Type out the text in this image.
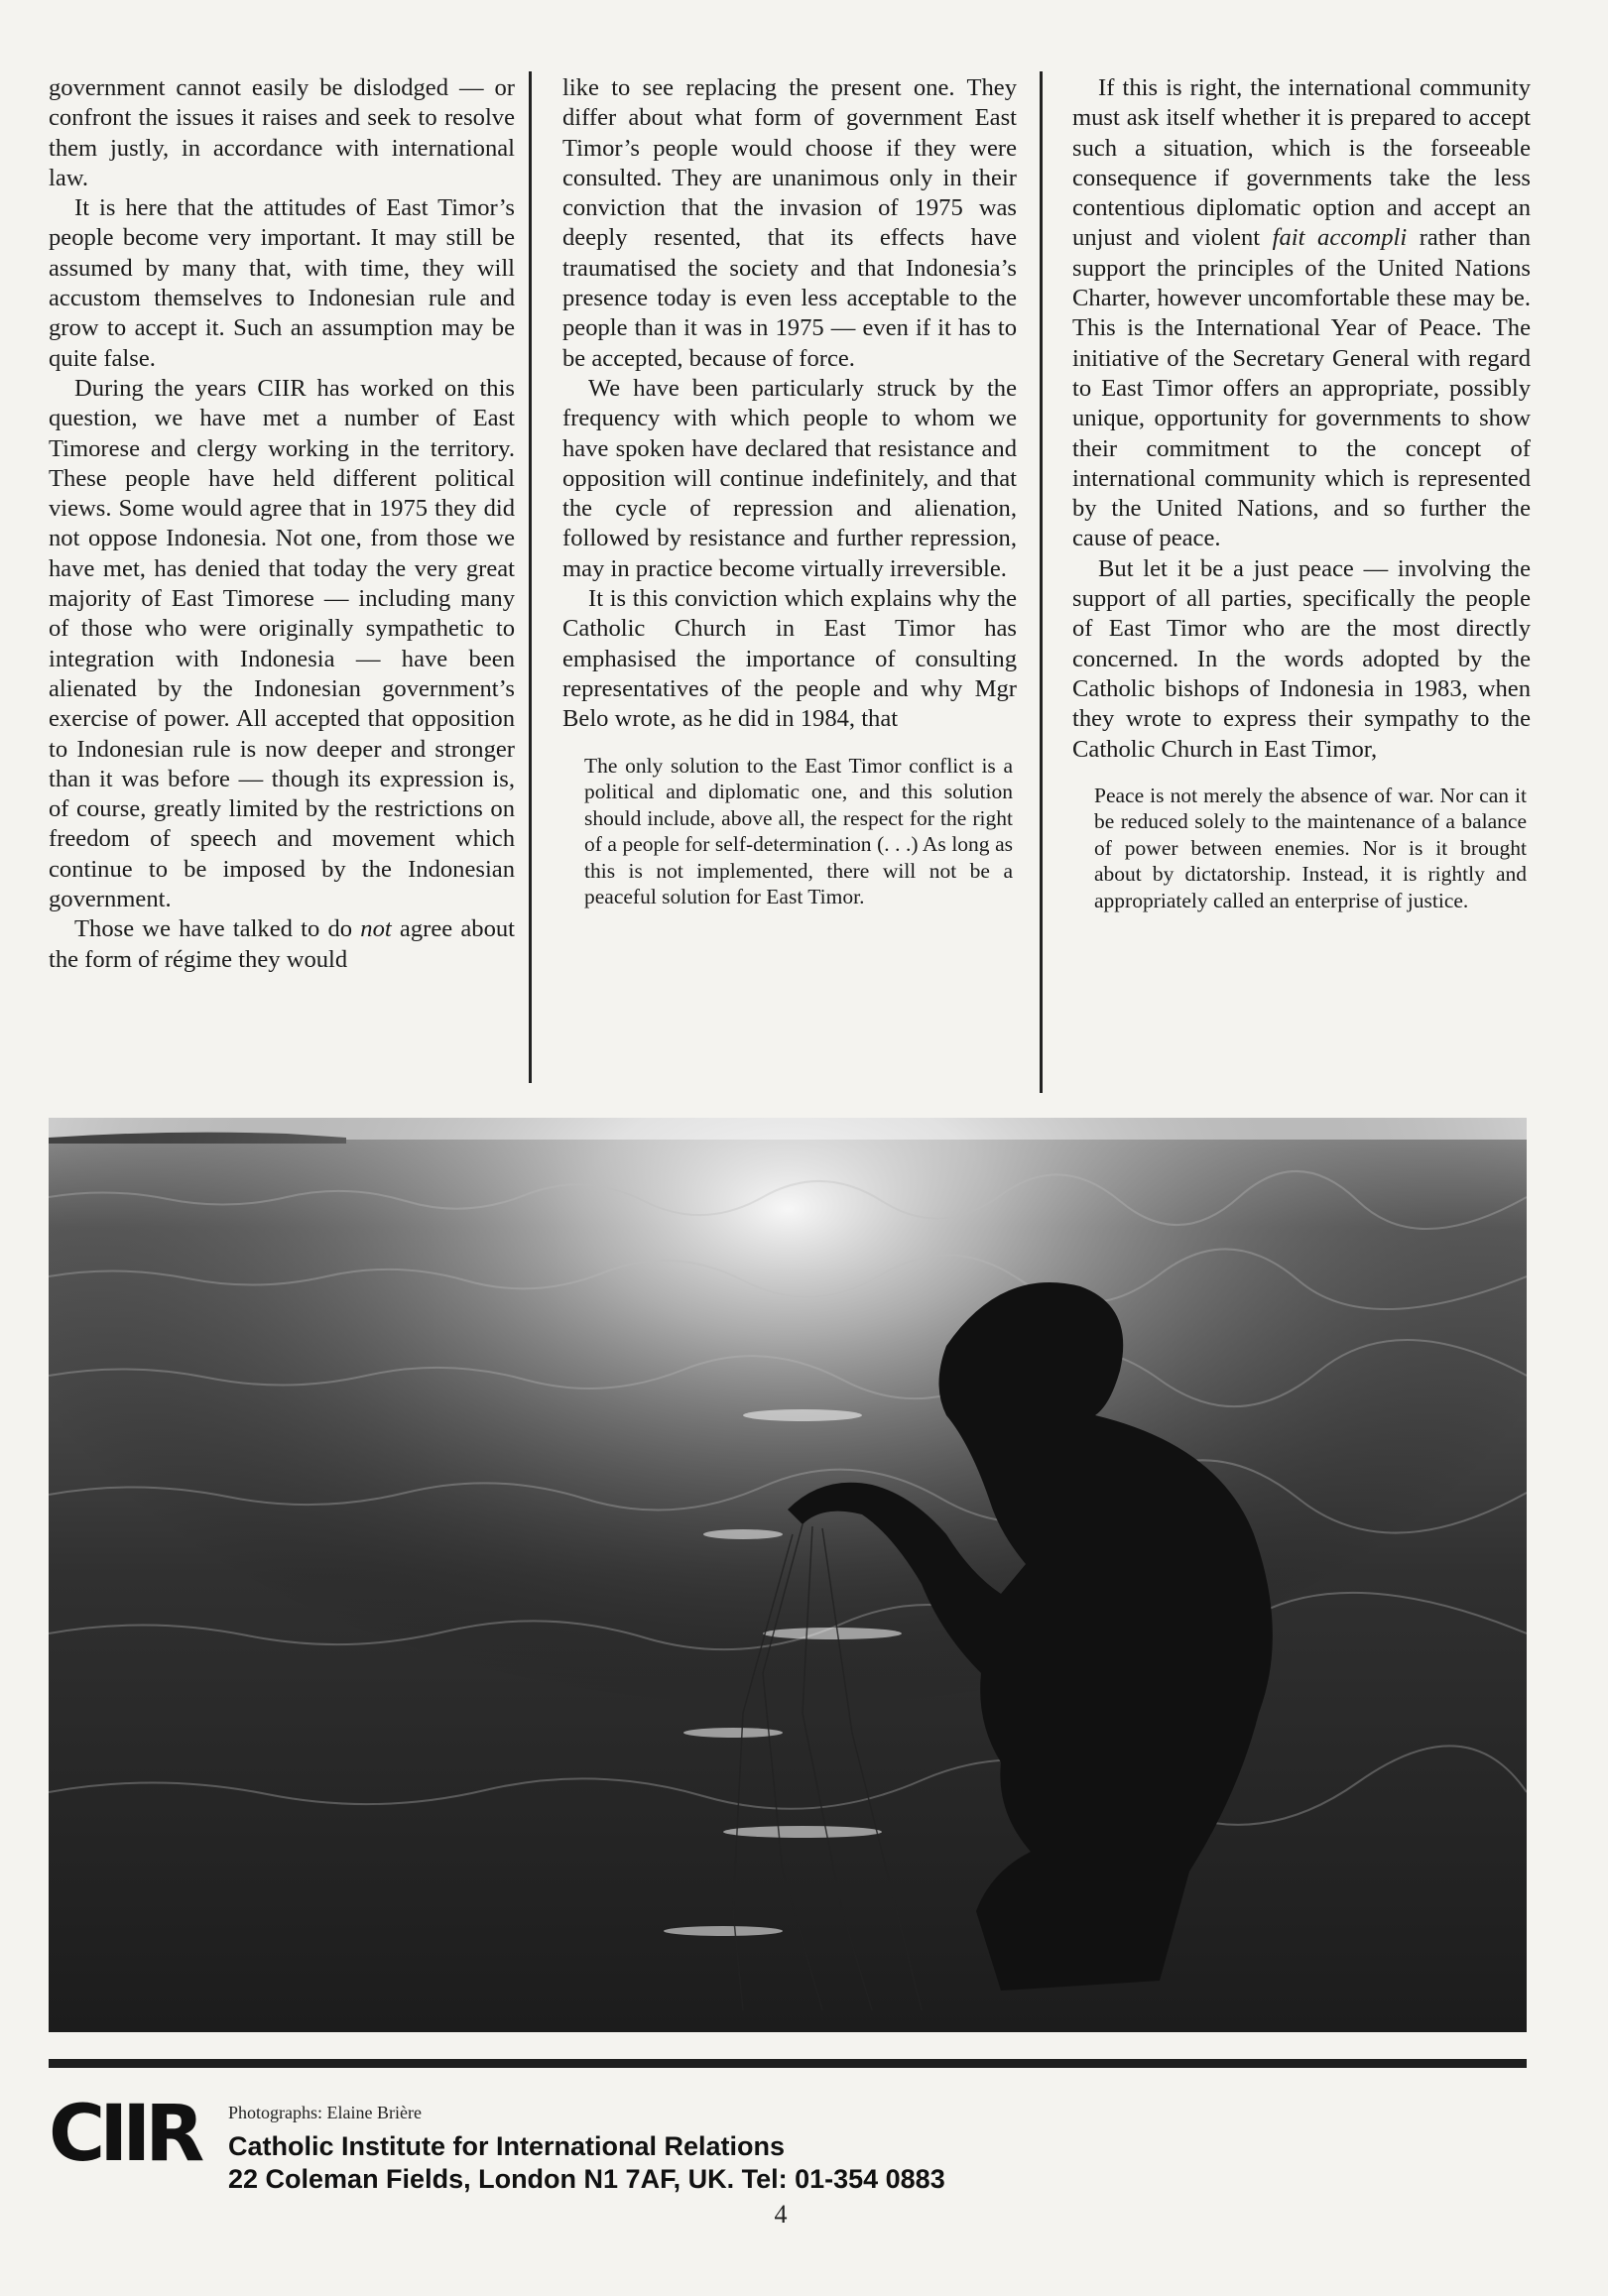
government cannot easily be dislodged — or confront the issues it raises and seek to resolve them justly, in accordance with international law.

It is here that the attitudes of East Timor’s people become very important. It may still be assumed by many that, with time, they will accustom themselves to Indonesian rule and grow to accept it. Such an assumption may be quite false.

During the years CIIR has worked on this question, we have met a number of East Timorese and clergy working in the territory. These people have held different political views. Some would agree that in 1975 they did not oppose Indonesia. Not one, from those we have met, has denied that today the very great majority of East Timorese — including many of those who were originally sympathetic to integration with Indonesia — have been alienated by the Indonesian government’s exercise of power. All accepted that opposition to Indonesian rule is now deeper and stronger than it was before — though its expression is, of course, greatly limited by the restrictions on freedom of speech and movement which continue to be imposed by the Indonesian government.

Those we have talked to do not agree about the form of régime they would

like to see replacing the present one. They differ about what form of government East Timor’s people would choose if they were consulted. They are unanimous only in their conviction that the invasion of 1975 was deeply resented, that its effects have traumatised the society and that Indonesia’s presence today is even less acceptable to the people than it was in 1975 — even if it has to be accepted, because of force.

We have been particularly struck by the frequency with which people to whom we have spoken have declared that resistance and opposition will continue indefinitely, and that the cycle of repression and alienation, followed by resistance and further repression, may in practice become virtually irreversible.

It is this conviction which explains why the Catholic Church in East Timor has emphasised the importance of consulting representatives of the people and why Mgr Belo wrote, as he did in 1984, that

The only solution to the East Timor conflict is a political and diplomatic one, and this solution should include, above all, the respect for the right of a people for self-determination (. . .) As long as this is not implemented, there will not be a peaceful solution for East Timor.

If this is right, the international community must ask itself whether it is prepared to accept such a situation, which is the forseeable consequence if governments take the less contentious diplomatic option and accept an unjust and violent fait accompli rather than support the principles of the United Nations Charter, however uncomfortable these may be. This is the International Year of Peace. The initiative of the Secretary General with regard to East Timor offers an appropriate, possibly unique, opportunity for governments to show their commitment to the concept of international community which is represented by the United Nations, and so further the cause of peace.

But let it be a just peace — involving the support of all parties, specifically the people of East Timor who are the most directly concerned. In the words adopted by the Catholic bishops of Indonesia in 1983, when they wrote to express their sympathy to the Catholic Church in East Timor,

Peace is not merely the absence of war. Nor can it be reduced solely to the maintenance of a balance of power between enemies. Nor is it brought about by dictatorship. Instead, it is rightly and appropriately called an enterprise of justice.

CIIR Photographs: Elaine Brière
Catholic Institute for International Relations
22 Coleman Fields, London N1 7AF, UK. Tel: 01-354 0883
4
